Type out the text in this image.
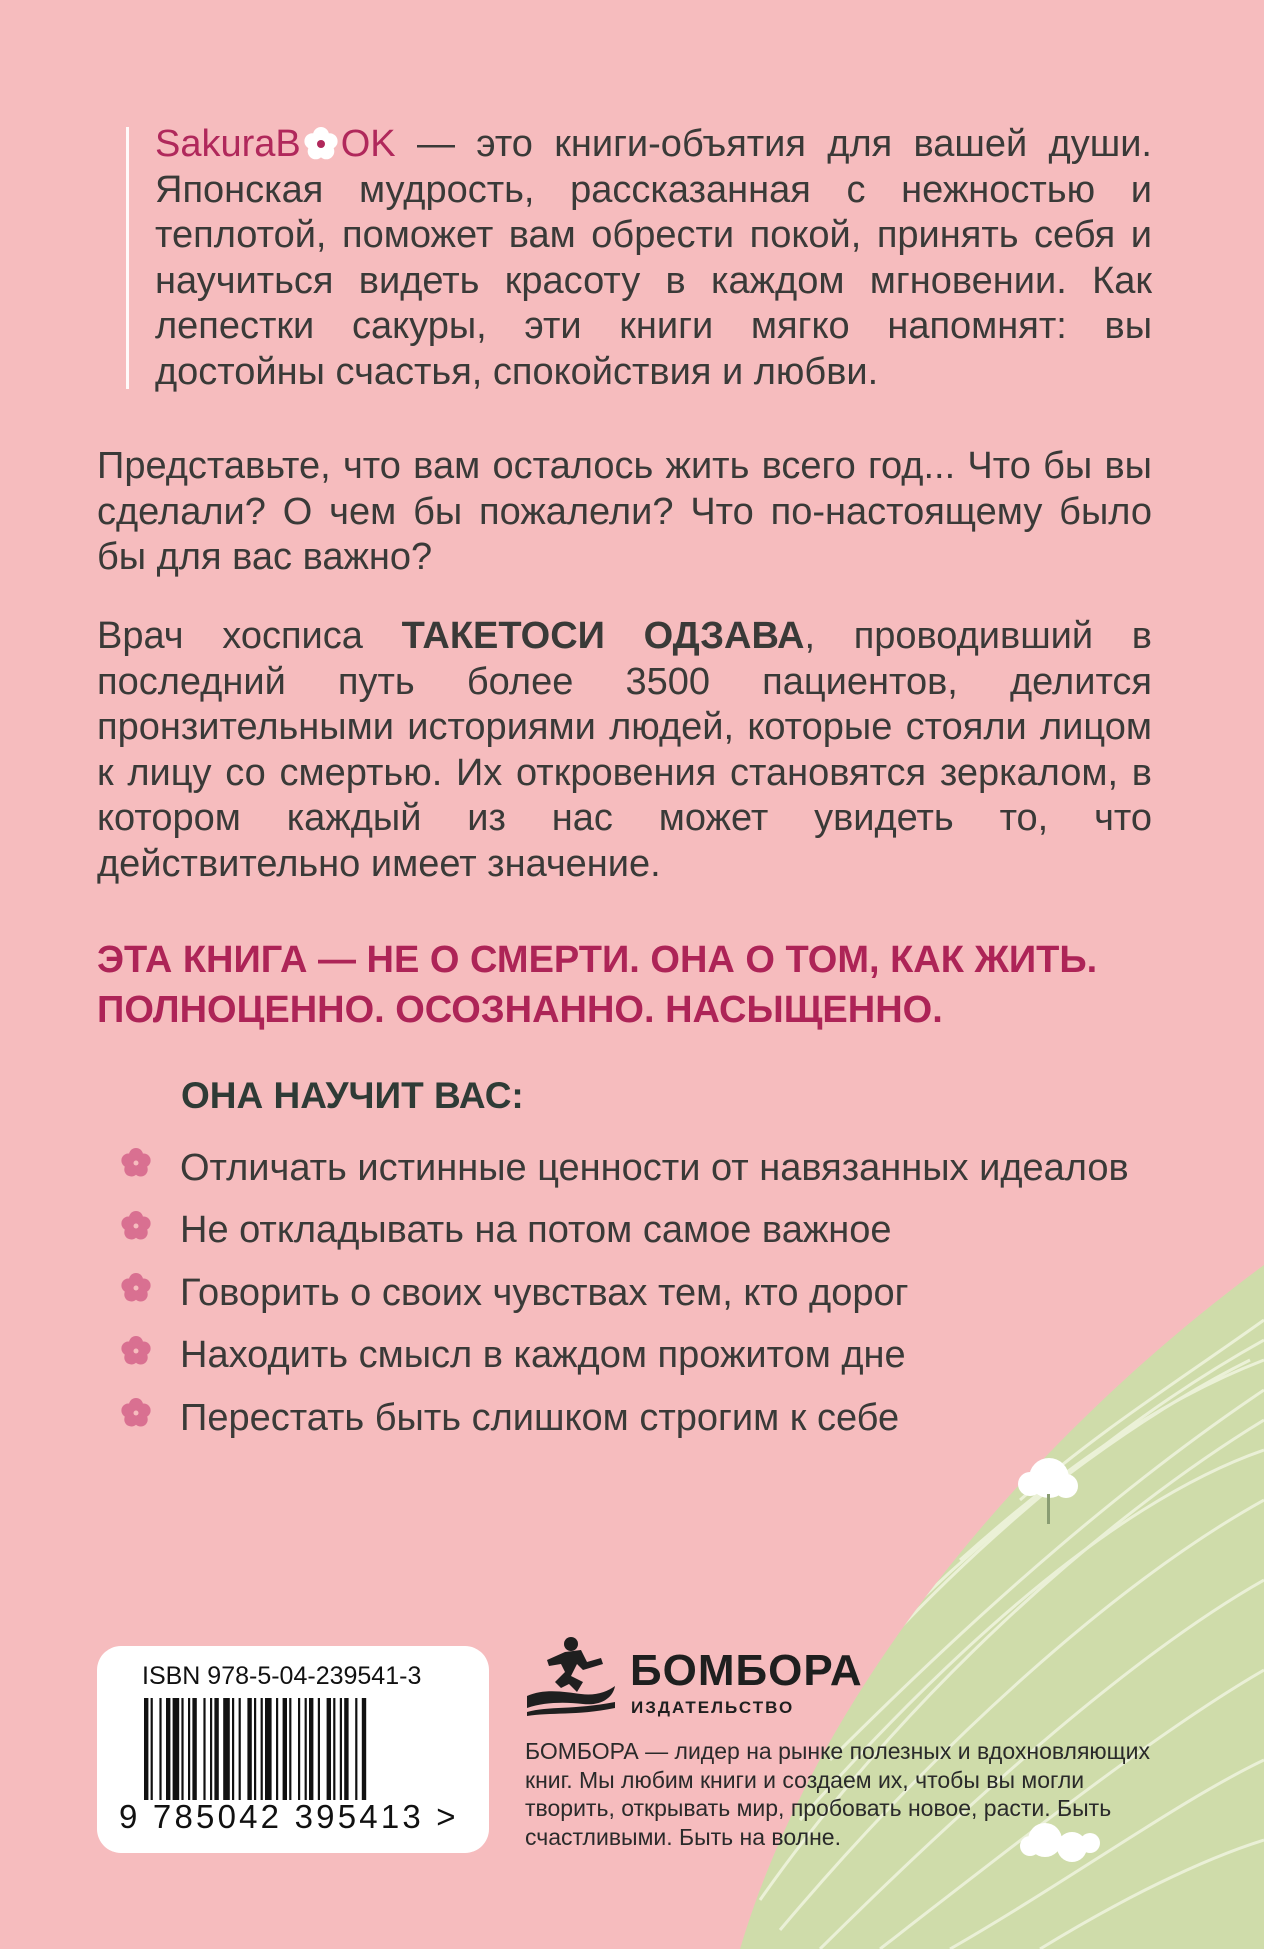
SakuraB OK — это книги-объятия для вашей души. Японская мудрость, рассказанная с нежностью и теплотой, поможет вам обрести покой, принять себя и научиться видеть красоту в каждом мгновении. Как лепестки сакуры, эти книги мягко напомнят: вы достойны счастья, спокойствия и любви.
Представьте, что вам осталось жить всего год... Что бы вы сделали? О чем бы пожалели? Что по-настоящему было бы для вас важно?
Врач хосписа ТАКЕТОСИ ОДЗАВА, проводивший в последний путь более 3500 пациентов, делится пронзительными историями людей, которые стояли лицом к лицу со смертью. Их откровения становятся зеркалом, в котором каждый из нас может увидеть то, что действительно имеет значение.
ЭТА КНИГА — НЕ О СМЕРТИ. ОНА О ТОМ, КАК ЖИТЬ.
ПОЛНОЦЕННО. ОСОЗНАННО. НАСЫЩЕННО.
ОНА НАУЧИТ ВАС:
Отличать истинные ценности от навязанных идеалов
Не откладывать на потом самое важное
Говорить о своих чувствах тем, кто дорог
Находить смысл в каждом прожитом дне
Перестать быть слишком строгим к себе
ISBN 978-5-04-239541-3
9 785042 395413 >
БОМБОРА
ИЗДАТЕЛЬСТВО
БОМБОРА — лидер на рынке полезных и вдохновляющих книг. Мы любим книги и создаем их, чтобы вы могли творить, открывать мир, пробовать новое, расти. Быть счастливыми. Быть на волне.
